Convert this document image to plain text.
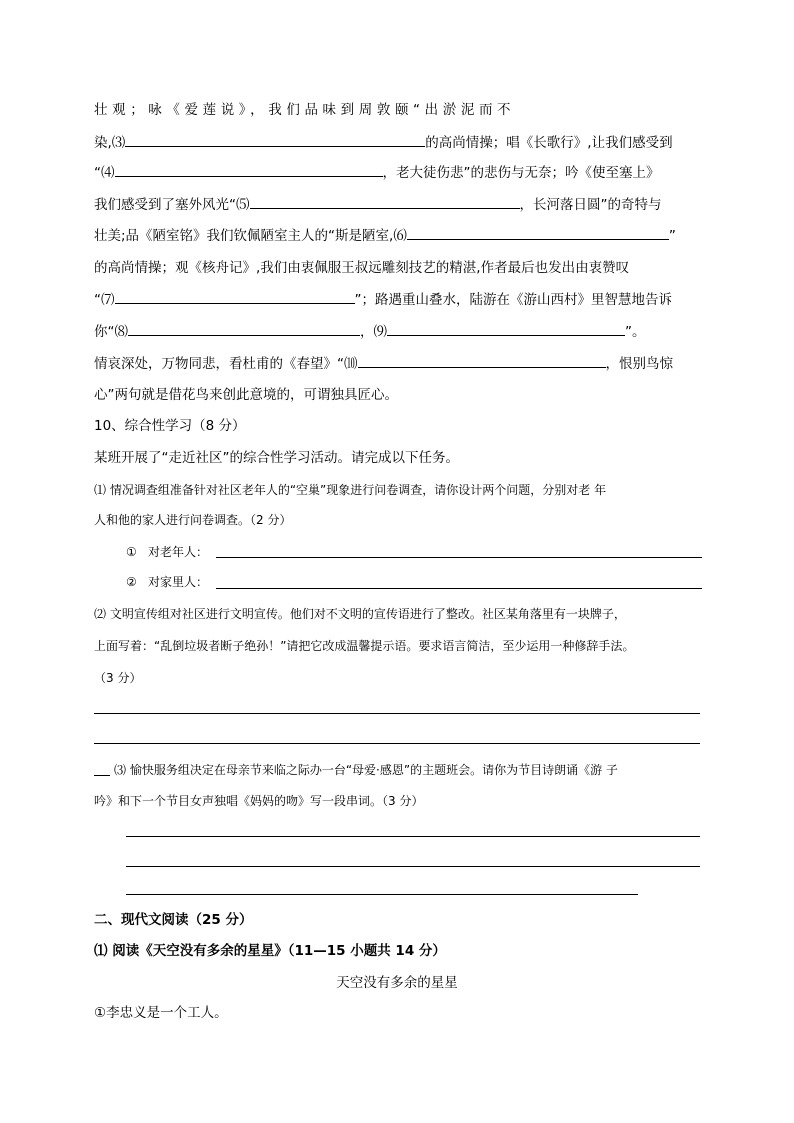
壮观；咏《爱莲说》，我们品味到周敦颐“出淤泥而不
染,⑶	的高尚情操；唱《长歌行》,让我们感受到
“⑷	，老大徒伤悲”的悲伤与无奈；吟《使至塞上》
我们感受到了塞外风光“⑸	，长河落日圆”的奇特与
壮美;品《陋室铭》我们钦佩陋室主人的“斯是陋室,⑹	”
的高尚情操；观《核舟记》,我们由衷佩服王叔远雕刻技艺的精湛,作者最后也发出由衷赞叹
“⑺	”；路遇重山叠水，陆游在《游山西村》里智慧地告诉
你“⑻	，⑼	”。
情哀深处，万物同悲，看杜甫的《春望》“⑽	，恨别鸟惊
心”两句就是借花鸟来创此意境的，可谓独具匠心。
10、综合性学习（8 分）
某班开展了“走近社区”的综合性学习活动。请完成以下任务。
⑴ 情况调查组准备针对社区老年人的“空巢”现象进行问卷调查，请你设计两个问题，分别对老 年
人和他的家人进行问卷调查。（2 分）
① 对老年人：
② 对家里人：
⑵ 文明宣传组对社区进行文明宣传。他们对不文明的宣传语进行了整改。社区某角落里有一块牌子，
上面写着：“乱倒垃圾者断子绝孙！”请把它改成温馨提示语。要求语言简洁，至少运用一种修辞手法。
（3 分）
⑶ 愉快服务组决定在母亲节来临之际办一台“母爱·感恩”的主题班会。请你为节目诗朗诵《游 子
吟》和下一个节目女声独唱《妈妈的吻》写一段串词。（3 分）
二、现代文阅读（25 分）
⑴ 阅读《天空没有多余的星星》（11—15 小题共 14 分）
天空没有多余的星星
①李忠义是一个工人。
